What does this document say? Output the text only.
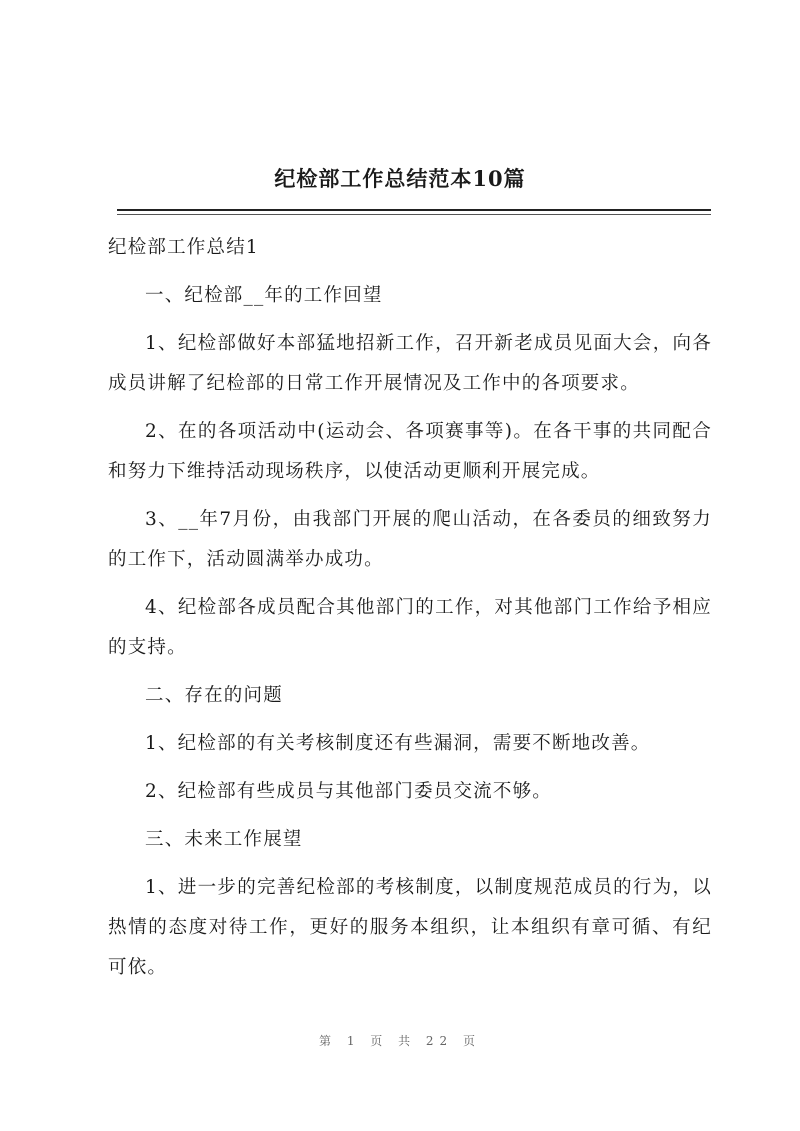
纪检部工作总结范本10篇

纪检部工作总结1

一、纪检部__年的工作回望

1、纪检部做好本部猛地招新工作，召开新老成员见面大会，向各成员讲解了纪检部的日常工作开展情况及工作中的各项要求。

2、在的各项活动中(运动会、各项赛事等)。在各干事的共同配合和努力下维持活动现场秩序，以使活动更顺利开展完成。

3、__年7月份，由我部门开展的爬山活动，在各委员的细致努力的工作下，活动圆满举办成功。

4、纪检部各成员配合其他部门的工作，对其他部门工作给予相应的支持。

二、存在的问题

1、纪检部的有关考核制度还有些漏洞，需要不断地改善。

2、纪检部有些成员与其他部门委员交流不够。

三、未来工作展望

1、进一步的完善纪检部的考核制度，以制度规范成员的行为，以热情的态度对待工作，更好的服务本组织，让本组织有章可循、有纪可依。

第 1 页 共 22 页
